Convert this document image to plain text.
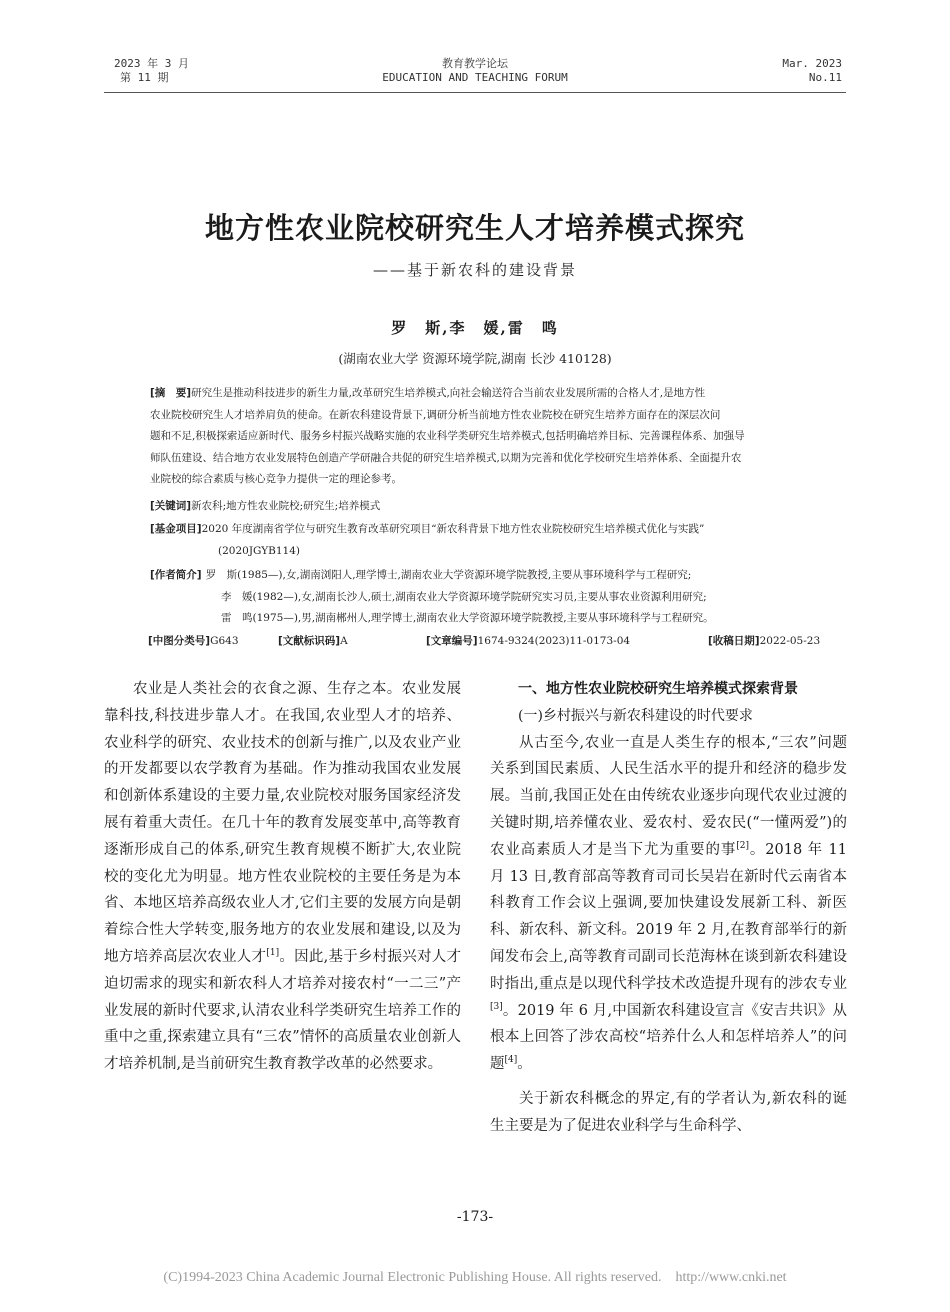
2023 年 3 月
第 11 期
教育教学论坛
EDUCATION AND TEACHING FORUM
Mar. 2023
No.11
地方性农业院校研究生人才培养模式探究
——基于新农科的建设背景
罗　斯,李　媛,雷　鸣
(湖南农业大学 资源环境学院,湖南 长沙 410128)
[摘　要]研究生是推动科技进步的新生力量,改革研究生培养模式,向社会输送符合当前农业发展所需的合格人才,是地方性
农业院校研究生人才培养肩负的使命。在新农科建设背景下,调研分析当前地方性农业院校在研究生培养方面存在的深层次问
题和不足,积极探索适应新时代、服务乡村振兴战略实施的农业科学类研究生培养模式,包括明确培养目标、完善课程体系、加强导
师队伍建设、结合地方农业发展特色创造产学研融合共促的研究生培养模式,以期为完善和优化学校研究生培养体系、全面提升农
业院校的综合素质与核心竞争力提供一定的理论参考。
[关键词]新农科;地方性农业院校;研究生;培养模式
[基金项目]2020 年度湖南省学位与研究生教育改革研究项目“新农科背景下地方性农业院校研究生培养模式优化与实践”
(2020JGYB114)
[作者简介] 罗　斯(1985—),女,湖南浏阳人,理学博士,湖南农业大学资源环境学院教授,主要从事环境科学与工程研究;
李　媛(1982—),女,湖南长沙人,硕士,湖南农业大学资源环境学院研究实习员,主要从事农业资源利用研究;
雷　鸣(1975—),男,湖南郴州人,理学博士,湖南农业大学资源环境学院教授,主要从事环境科学与工程研究。
[中图分类号]G643	[文献标识码]A	[文章编号]1674-9324(2023)11-0173-04	[收稿日期]2022-05-23

农业是人类社会的衣食之源、生存之本。农业发展靠科技,科技进步靠人才。在我国,农业型人才的培养、农业科学的研究、农业技术的创新与推广,以及农业产业的开发都要以农学教育为基础。作为推动我国农业发展和创新体系建设的主要力量,农业院校对服务国家经济发展有着重大责任。在几十年的教育发展变革中,高等教育逐渐形成自己的体系,研究生教育规模不断扩大,农业院校的变化尤为明显。地方性农业院校的主要任务是为本省、本地区培养高级农业人才,它们主要的发展方向是朝着综合性大学转变,服务地方的农业发展和建设,以及为地方培养高层次农业人才[1]。因此,基于乡村振兴对人才迫切需求的现实和新农科人才培养对接农村“一二三”产业发展的新时代要求,认清农业科学类研究生培养工作的重中之重,探索建立具有“三农”情怀的高质量农业创新人才培养机制,是当前研究生教育教学改革的必然要求。

一、地方性农业院校研究生培养模式探索背景

(一)乡村振兴与新农科建设的时代要求

从古至今,农业一直是人类生存的根本,“三农”问题关系到国民素质、人民生活水平的提升和经济的稳步发展。当前,我国正处在由传统农业逐步向现代农业过渡的关键时期,培养懂农业、爱农村、爱农民(“一懂两爱”)的农业高素质人才是当下尤为重要的事[2]。2018 年 11 月 13 日,教育部高等教育司司长吴岩在新时代云南省本科教育工作会议上强调,要加快建设发展新工科、新医科、新农科、新文科。2019 年 2 月,在教育部举行的新闻发布会上,高等教育司副司长范海林在谈到新农科建设时指出,重点是以现代科学技术改造提升现有的涉农专业[3]。2019 年 6 月,中国新农科建设宣言《安吉共识》从根本上回答了涉农高校“培养什么人和怎样培养人”的问题[4]。

关于新农科概念的界定,有的学者认为,新农科的诞生主要是为了促进农业科学与生命科学、

-173-
(C)1994-2023 China Academic Journal Electronic Publishing House. All rights reserved.　http://www.cnki.net
